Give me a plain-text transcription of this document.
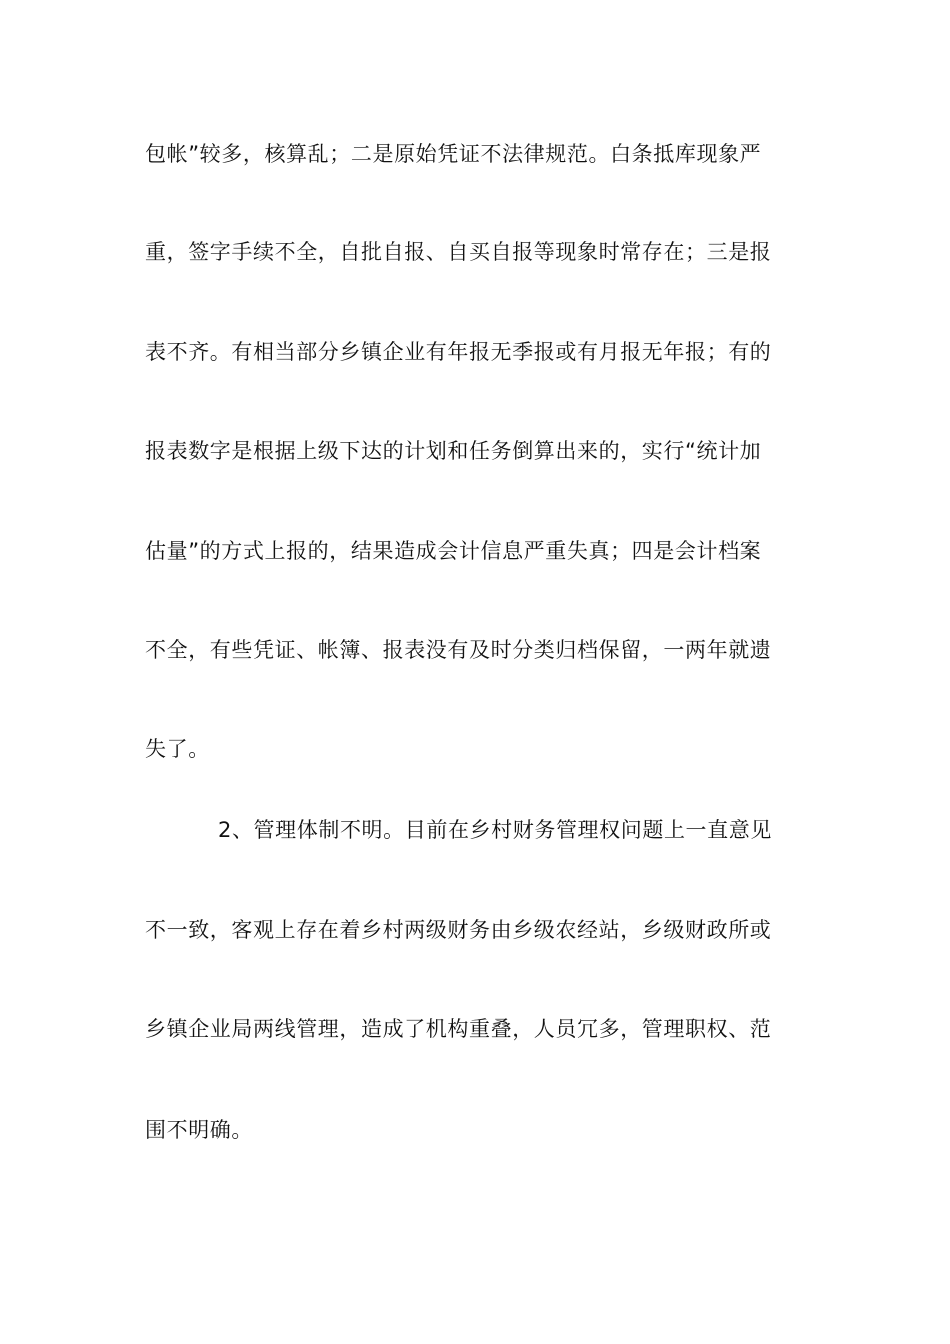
包帐”较多，核算乱；二是原始凭证不法律规范。白条抵库现象严
重，签字手续不全，自批自报、自买自报等现象时常存在；三是报
表不齐。有相当部分乡镇企业有年报无季报或有月报无年报；有的
报表数字是根据上级下达的计划和任务倒算出来的，实行“统计加
估量”的方式上报的，结果造成会计信息严重失真；四是会计档案
不全，有些凭证、帐簿、报表没有及时分类归档保留，一两年就遗
失了。
2、管理体制不明。目前在乡村财务管理权问题上一直意见
不一致，客观上存在着乡村两级财务由乡级农经站，乡级财政所或
乡镇企业局两线管理，造成了机构重叠，人员冗多，管理职权、范
围不明确。
